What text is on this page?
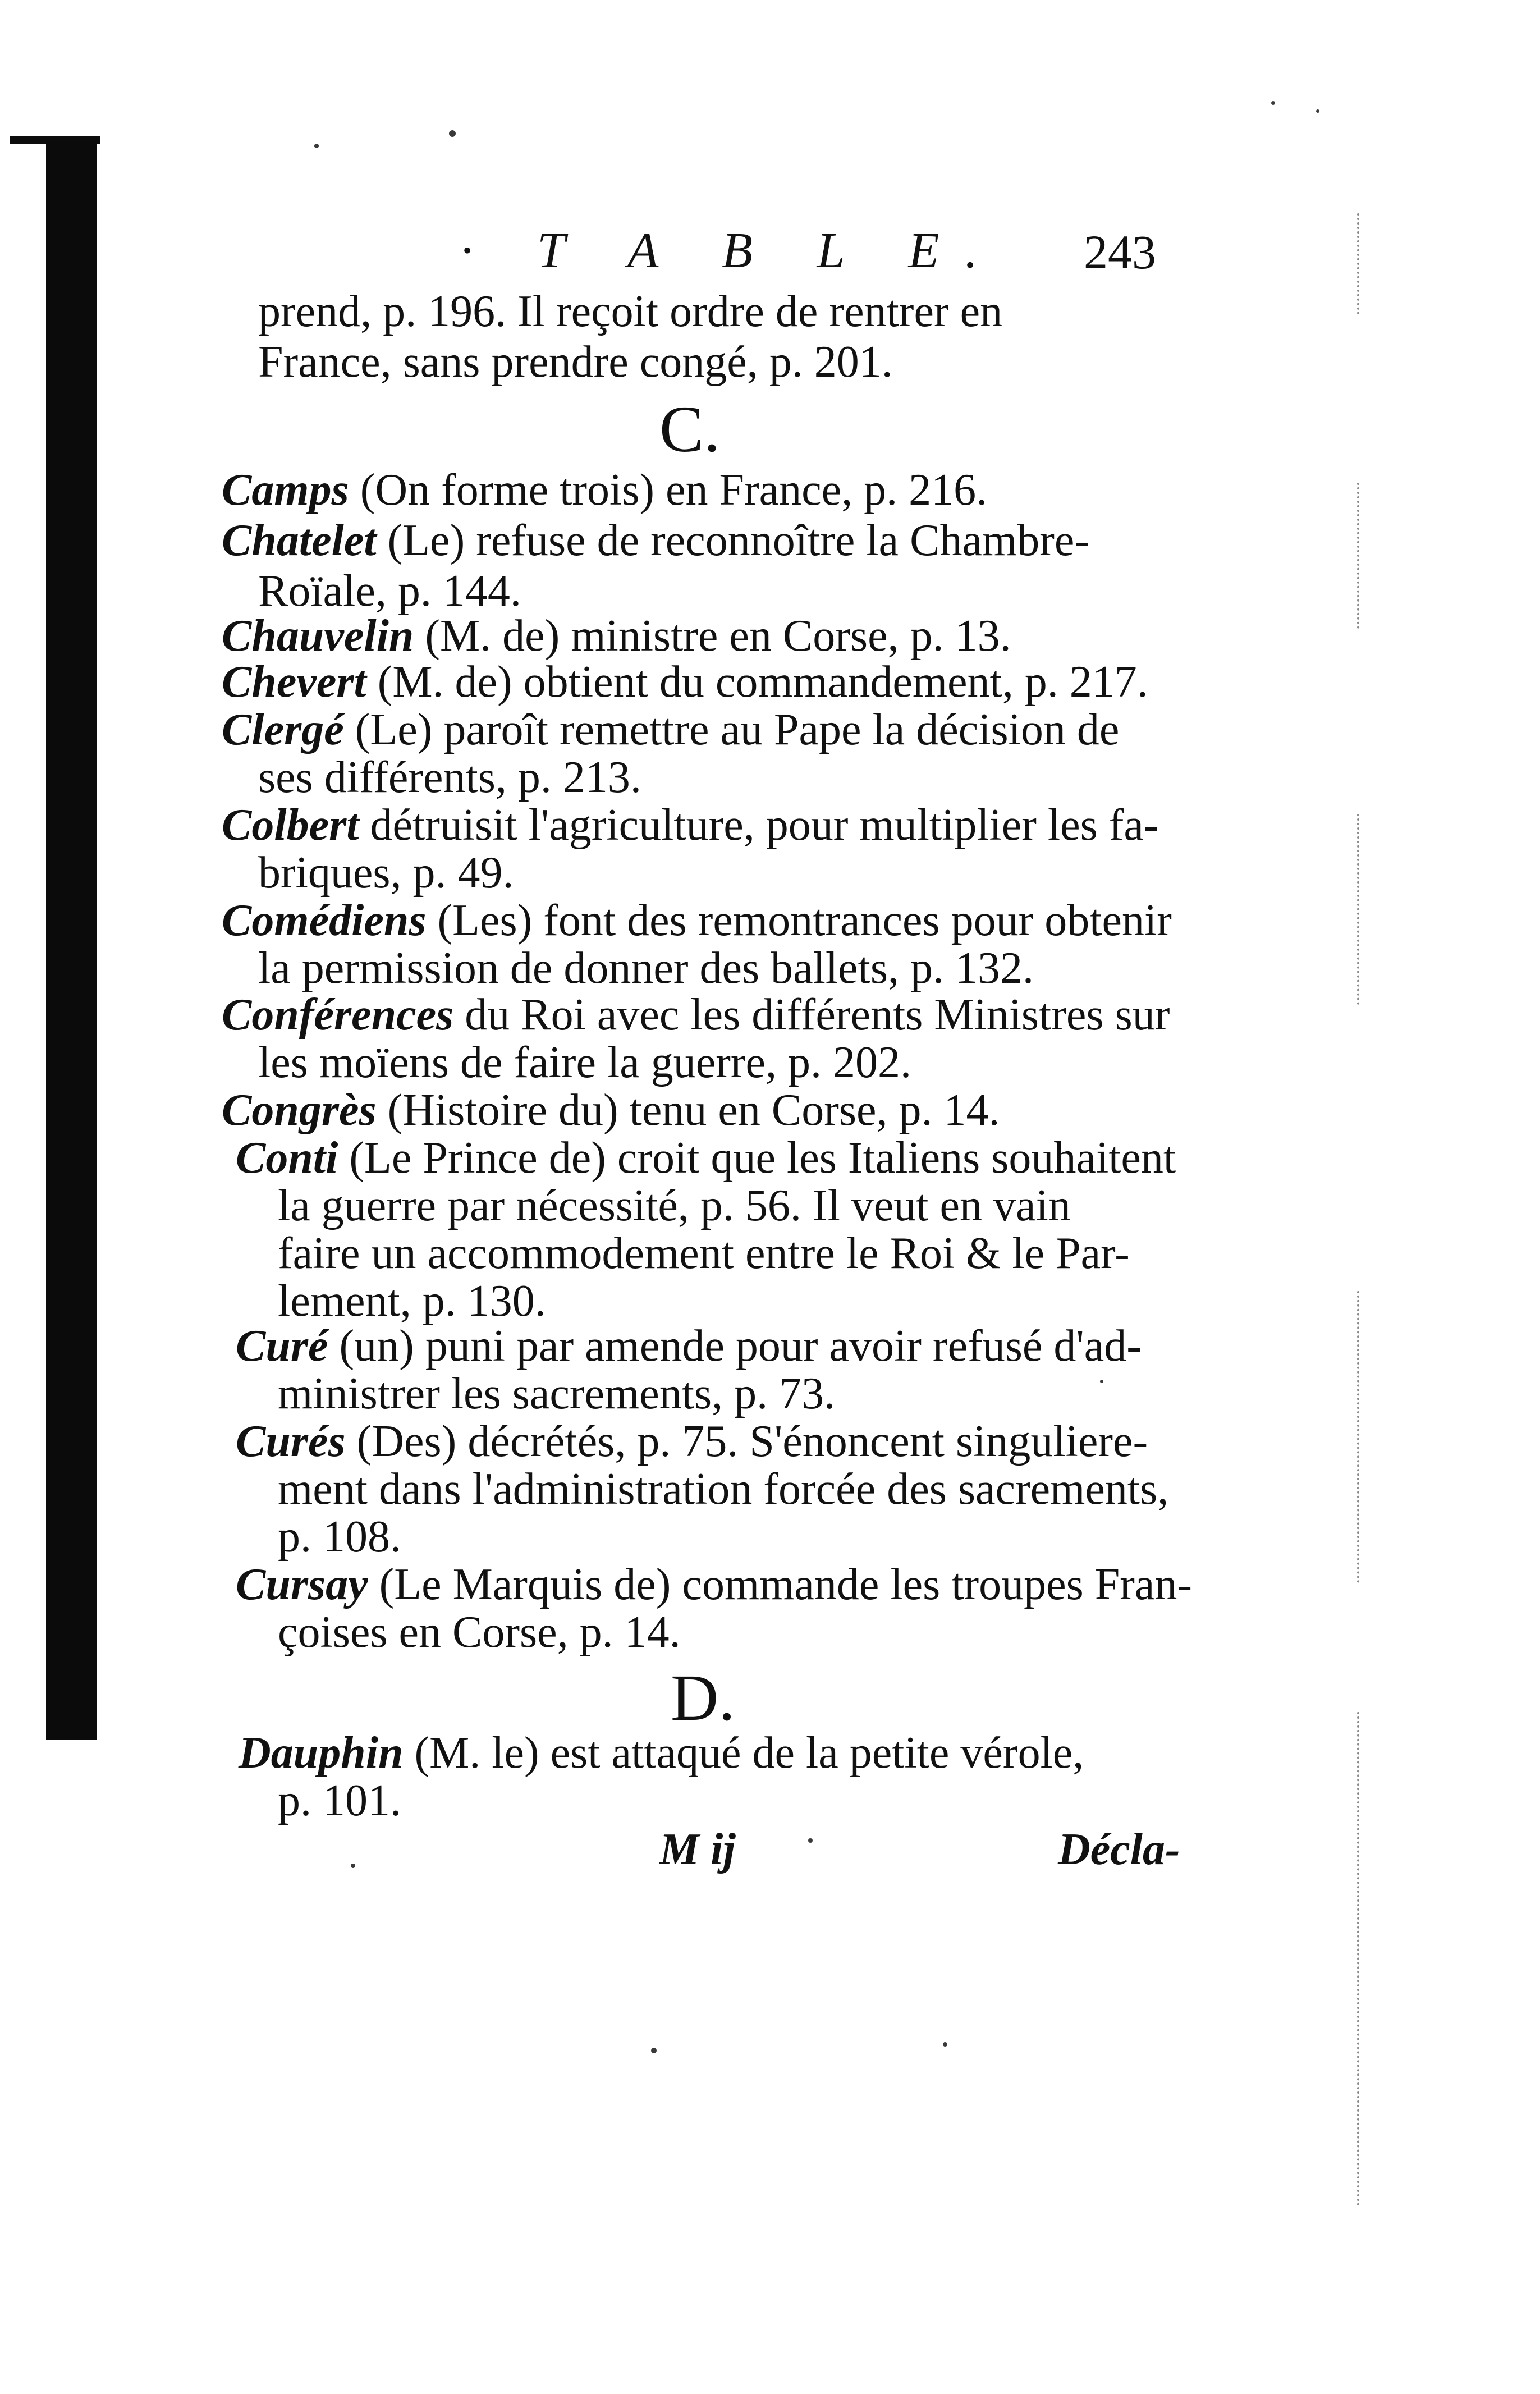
· T A B L E. 243
prend, p. 196. Il reçoit ordre de rentrer en
France, sans prendre congé, p. 201.
C.
Camps (On forme trois) en France, p. 216.
Chatelet (Le) refuse de reconnoître la Chambre-
Roïale, p. 144.
Chauvelin (M. de) ministre en Corse, p. 13.
Chevert (M. de) obtient du commandement, p. 217.
Clergé (Le) paroît remettre au Pape la décision de
ses différents, p. 213.
Colbert détruisit l'agriculture, pour multiplier les fa-
briques, p. 49.
Comédiens (Les) font des remontrances pour obtenir
la permission de donner des ballets, p. 132.
Conférences du Roi avec les différents Ministres sur
les moïens de faire la guerre, p. 202.
Congrès (Histoire du) tenu en Corse, p. 14.
Conti (Le Prince de) croit que les Italiens souhaitent
la guerre par nécessité, p. 56. Il veut en vain
faire un accommodement entre le Roi & le Par-
lement, p. 130.
Curé (un) puni par amende pour avoir refusé d'ad-
ministrer les sacrements, p. 73.
Curés (Des) décrétés, p. 75. S'énoncent singuliere-
ment dans l'administration forcée des sacrements,
p. 108.
Cursay (Le Marquis de) commande les troupes Fran-
çoises en Corse, p. 14.
D.
Dauphin (M. le) est attaqué de la petite vérole,
p. 101.
M ij	Décla-
